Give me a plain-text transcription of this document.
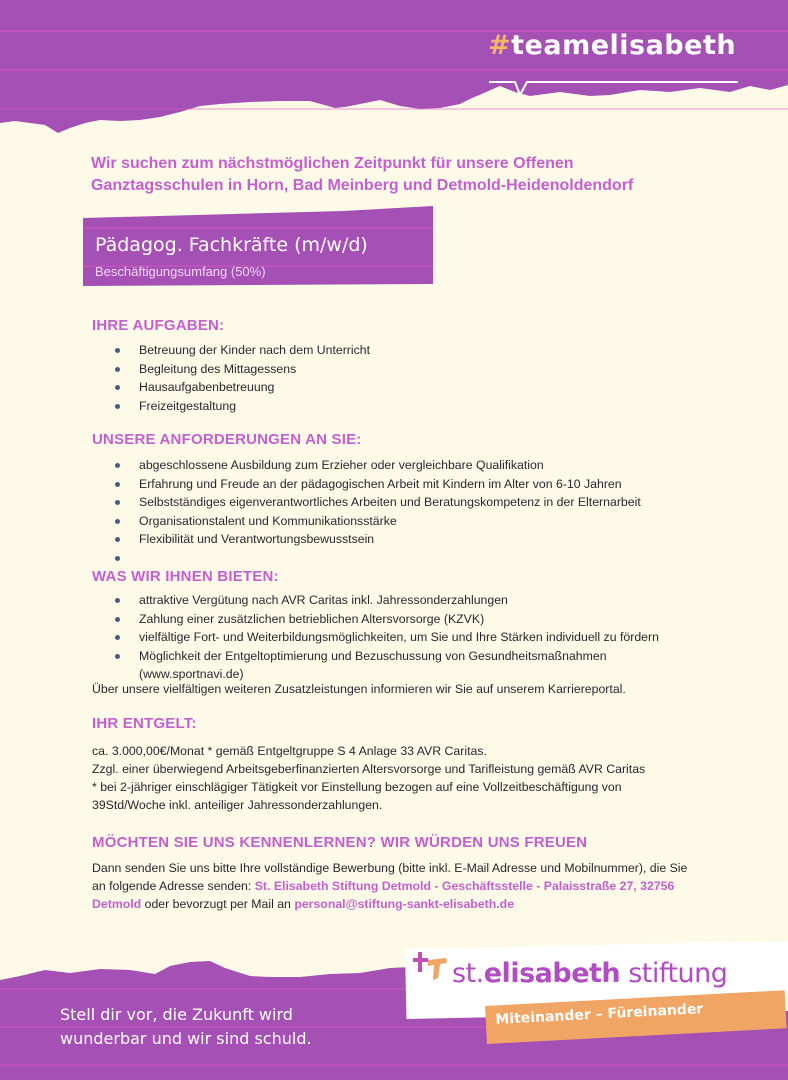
#teamelisabeth
Wir suchen zum nächstmöglichen Zeitpunkt für unsere Offenen
Ganztagsschulen in Horn, Bad Meinberg und Detmold-Heidenoldendorf
Pädagog. Fachkräfte (m/w/d)
Beschäftigungsumfang (50%)
IHRE AUFGABEN:
Betreuung der Kinder nach dem Unterricht
Begleitung des Mittagessens
Hausaufgabenbetreuung
Freizeitgestaltung
UNSERE ANFORDERUNGEN AN SIE:
abgeschlossene Ausbildung zum Erzieher oder vergleichbare Qualifikation
Erfahrung und Freude an der pädagogischen Arbeit mit Kindern im Alter von 6-10 Jahren
Selbstständiges eigenverantwortliches Arbeiten und Beratungskompetenz in der Elternarbeit
Organisationstalent und Kommunikationsstärke
Flexibilität und Verantwortungsbewusstsein
WAS WIR IHNEN BIETEN:
attraktive Vergütung nach AVR Caritas inkl. Jahressonderzahlungen
Zahlung einer zusätzlichen betrieblichen Altersvorsorge (KZVK)
vielfältige Fort- und Weiterbildungsmöglichkeiten, um Sie und Ihre Stärken individuell zu fördern
Möglichkeit der Entgeltoptimierung und Bezuschussung von Gesundheitsmaßnahmen
(www.sportnavi.de)
Über unsere vielfältigen weiteren Zusatzleistungen informieren wir Sie auf unserem Karriereportal.
IHR ENTGELT:
ca. 3.000,00€/Monat * gemäß Entgeltgruppe S 4 Anlage 33 AVR Caritas.
Zzgl. einer überwiegend Arbeitsgeberfinanzierten Altersvorsorge und Tarifleistung gemäß AVR Caritas
* bei 2-jähriger einschlägiger Tätigkeit vor Einstellung bezogen auf eine Vollzeitbeschäftigung von
39Std/Woche inkl. anteiliger Jahressonderzahlungen.
MÖCHTEN SIE UNS KENNENLERNEN? WIR WÜRDEN UNS FREUEN
Dann senden Sie uns bitte Ihre vollständige Bewerbung (bitte inkl. E-Mail Adresse und Mobilnummer), die Sie
an folgende Adresse senden: St. Elisabeth Stiftung Detmold - Geschäftsstelle - Palaisstraße 27, 32756
Detmold oder bevorzugt per Mail an personal@stiftung-sankt-elisabeth.de
Stell dir vor, die Zukunft wird
wunderbar und wir sind schuld.
st.elisabeth stiftung
Miteinander – Füreinander
